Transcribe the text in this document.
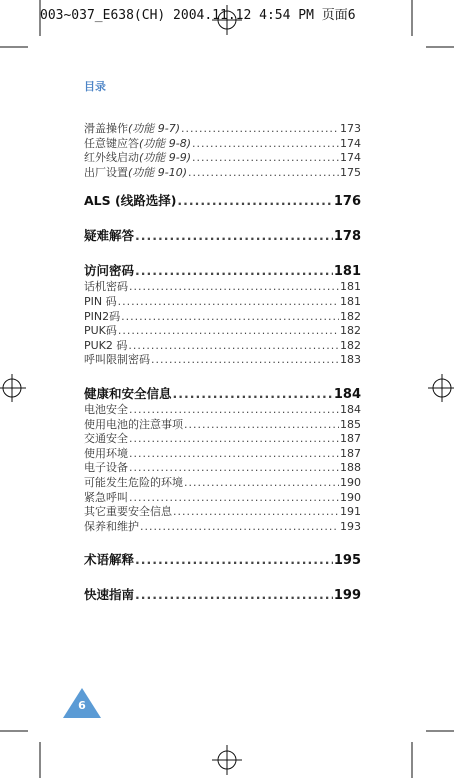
003~037_E638(CH) 2004.11.12 4:54 PM 页面6
目录
滑盖操作(功能 9-7) .....	173
任意键应答(功能 9-8) .....	174
红外线启动(功能 9-9) .....	174
出厂设置(功能 9-10) .....	175
ALS (线路选择) .....	176
疑难解答 .....	178
访问密码 .....	181
话机密码 .....	181
PIN 码 .....	181
PIN2码 .....	182
PUK码 .....	182
PUK2 码 .....	182
呼叫限制密码 .....	183
健康和安全信息 .....	184
电池安全 .....	184
使用电池的注意事项 .....	185
交通安全 .....	187
使用环境 .....	187
电子设备 .....	188
可能发生危险的环境 .....	190
紧急呼叫 .....	190
其它重要安全信息 .....	191
保养和维护 .....	193
术语解释 .....	195
快速指南 .....	199
6
